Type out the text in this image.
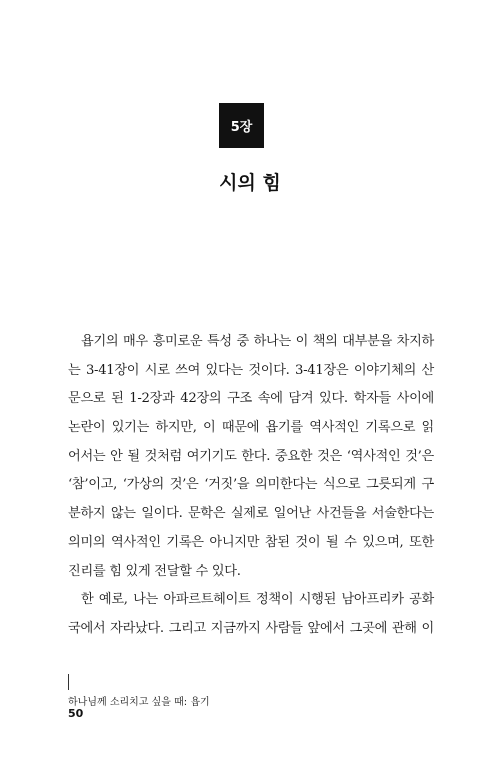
5장
시의 힘
욥기의 매우 흥미로운 특성 중 하나는 이 책의 대부분을 차지하
는 3-41장이 시로 쓰여 있다는 것이다. 3-41장은 이야기체의 산
문으로 된 1-2장과 42장의 구조 속에 담겨 있다. 학자들 사이에
논란이 있기는 하지만, 이 때문에 욥기를 역사적인 기록으로 읽
어서는 안 될 것처럼 여기기도 한다. 중요한 것은 ‘역사적인 것’은
‘참’이고, ‘가상의 것’은 ‘거짓’을 의미한다는 식으로 그릇되게 구
분하지 않는 일이다. 문학은 실제로 일어난 사건들을 서술한다는
의미의 역사적인 기록은 아니지만 참된 것이 될 수 있으며, 또한
진리를 힘 있게 전달할 수 있다.
한 예로, 나는 아파르트헤이트 정책이 시행된 남아프리카 공화
국에서 자라났다. 그리고 지금까지 사람들 앞에서 그곳에 관해 이
하나님께 소리치고 싶을 때: 욥기
50
